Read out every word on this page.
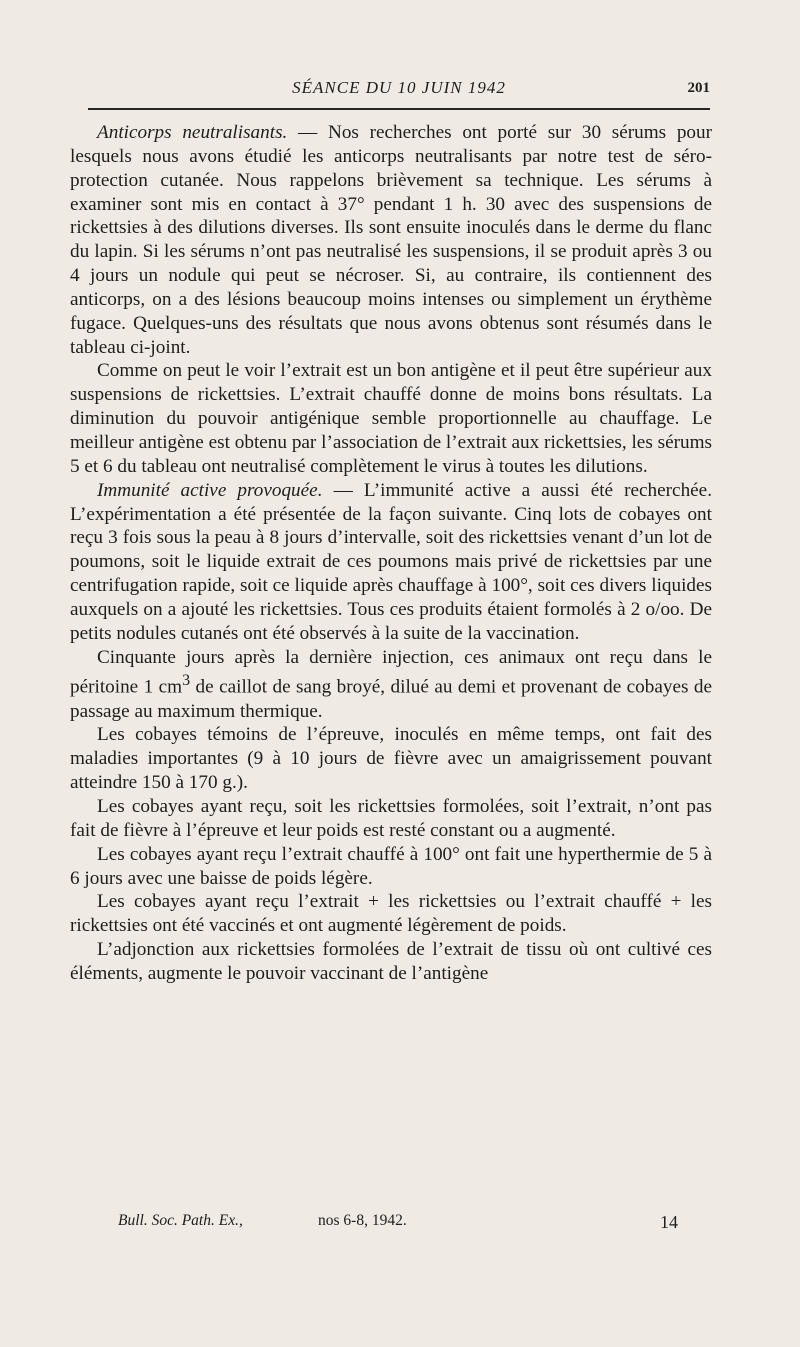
SÉANCE DU 10 JUIN 1942	201

Anticorps neutralisants. — Nos recherches ont porté sur 30 sérums pour lesquels nous avons étudié les anticorps neutralisants par notre test de séro-protection cutanée. Nous rappelons brièvement sa technique. Les sérums à examiner sont mis en contact à 37° pendant 1 h. 30 avec des suspensions de rickettsies à des dilutions diverses. Ils sont ensuite inoculés dans le derme du flanc du lapin. Si les sérums n’ont pas neutralisé les suspensions, il se produit après 3 ou 4 jours un nodule qui peut se nécroser. Si, au contraire, ils contiennent des anticorps, on a des lésions beaucoup moins intenses ou simplement un érythème fugace. Quelques-uns des résultats que nous avons obtenus sont résumés dans le tableau ci-joint.

Comme on peut le voir l’extrait est un bon antigène et il peut être supérieur aux suspensions de rickettsies. L’extrait chauffé donne de moins bons résultats. La diminution du pouvoir antigénique semble proportionnelle au chauffage. Le meilleur antigène est obtenu par l’association de l’extrait aux rickettsies, les sérums 5 et 6 du tableau ont neutralisé complètement le virus à toutes les dilutions.

Immunité active provoquée. — L’immunité active a aussi été recherchée. L’expérimentation a été présentée de la façon suivante. Cinq lots de cobayes ont reçu 3 fois sous la peau à 8 jours d’intervalle, soit des rickettsies venant d’un lot de poumons, soit le liquide extrait de ces poumons mais privé de rickettsies par une centrifugation rapide, soit ce liquide après chauffage à 100°, soit ces divers liquides auxquels on a ajouté les rickettsies. Tous ces produits étaient formolés à 2 o/oo. De petits nodules cutanés ont été observés à la suite de la vaccination.

Cinquante jours après la dernière injection, ces animaux ont reçu dans le péritoine 1 $cm^3$ de caillot de sang broyé, dilué au demi et provenant de cobayes de passage au maximum thermique.

Les cobayes témoins de l’épreuve, inoculés en même temps, ont fait des maladies importantes (9 à 10 jours de fièvre avec un amaigrissement pouvant atteindre 150 à 170 g.).

Les cobayes ayant reçu, soit les rickettsies formolées, soit l’extrait, n’ont pas fait de fièvre à l’épreuve et leur poids est resté constant ou a augmenté.

Les cobayes ayant reçu l’extrait chauffé à 100° ont fait une hyperthermie de 5 à 6 jours avec une baisse de poids légère.

Les cobayes ayant reçu l’extrait + les rickettsies ou l’extrait chauffé + les rickettsies ont été vaccinés et ont augmenté légèrement de poids.

L’adjonction aux rickettsies formolées de l’extrait de tissu où ont cultivé ces éléments, augmente le pouvoir vaccinant de l’antigène

Bull. Soc. Path. Ex.,	nos 6-8, 1942.	14
